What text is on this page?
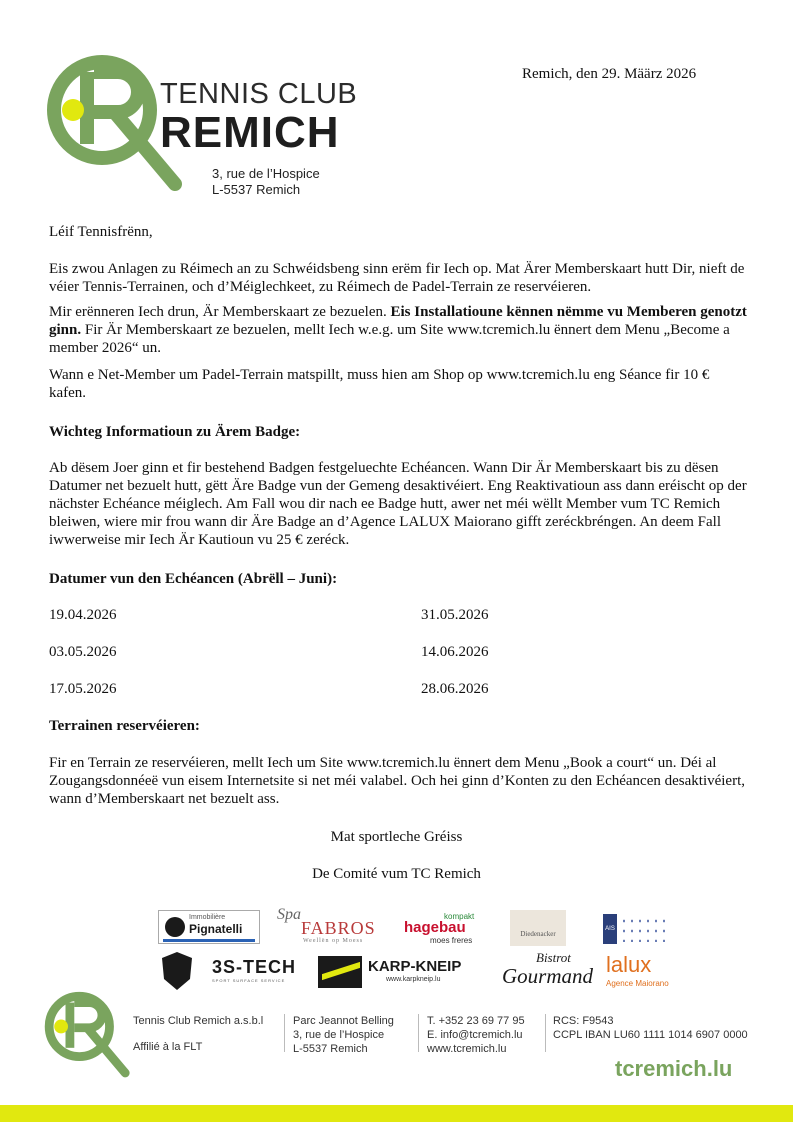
TENNIS CLUB
REMICH
3, rue de l’Hospice
L-5537 Remich
Remich, den 29. Määrz 2026

Léif Tennisfrënn,

Eis zwou Anlagen zu Réimech an zu Schwéidsbeng sinn erëm fir Iech op. Mat Ärer Memberskaart hutt Dir, nieft de véier Tennis-Terrainen, och d’Méiglechkeet, zu Réimech de Padel-Terrain ze reservéieren.

Mir erënneren Iech drun, Är Memberskaart ze bezuelen. Eis Installatioune kënnen nëmme vu Memberen genotzt ginn. Fir Är Memberskaart ze bezuelen, mellt Iech w.e.g. um Site www.tcremich.lu ënnert dem Menu „Become a member 2026“ un.

Wann e Net-Member um Padel-Terrain matspillt, muss hien am Shop op www.tcremich.lu eng Séance fir 10 € kafen.

Wichteg Informatioun zu Ärem Badge:

Ab dësem Joer ginn et fir bestehend Badgen festgeluechte Echéancen. Wann Dir Är Memberskaart bis zu dësen Datumer net bezuelt hutt, gëtt Äre Badge vun der Gemeng desaktivéiert. Eng Reaktivatioun ass dann eréischt op der nächster Echéance méiglech. Am Fall wou dir nach ee Badge hutt, awer net méi wëllt Member vum TC Remich bleiwen, wiere mir frou wann dir Äre Badge an d’Agence LALUX Maiorano gifft zeréckbréngen. An deem Fall iwwerweise mir Iech Är Kautioun vu 25 € zeréck.

Datumer vun den Echéancen (Abrëll – Juni):

19.04.2026
03.05.2026
17.05.2026
31.05.2026
14.06.2026
28.06.2026

Terrainen reservéieren:

Fir en Terrain ze reservéieren, mellt Iech um Site www.tcremich.lu ënnert dem Menu „Book a court“ un. Déi al Zougangsdonnéeë vun eisem Internetsite si net méi valabel. Och hei ginn d’Konten zu den Echéancen desaktivéiert, wann d’Memberskaart net bezuelt ass.

Mat sportleche Gréiss
De Comité vum TC Remich
Immobilière
Pignatelli
Spa
FABROS
Weellën op Moess
kompakt
hagebau
moes freres
Diedenacker
AIS
3S-TECH
SPORT SURFACE SERVICE
KARP-KNEIP
www.karpkneip.lu
Bistrot
Gourmand lalux
Agence Maiorano
Tennis Club Remich a.s.b.l
Affilié à la FLT
Parc Jeannot Belling
3, rue de l’Hospice
L-5537 Remich
T. +352 23 69 77 95
E. info@tcremich.lu
www.tcremich.lu
RCS: F9543
CCPL IBAN LU60 1111 1014 6907 0000
tcremich.lu
